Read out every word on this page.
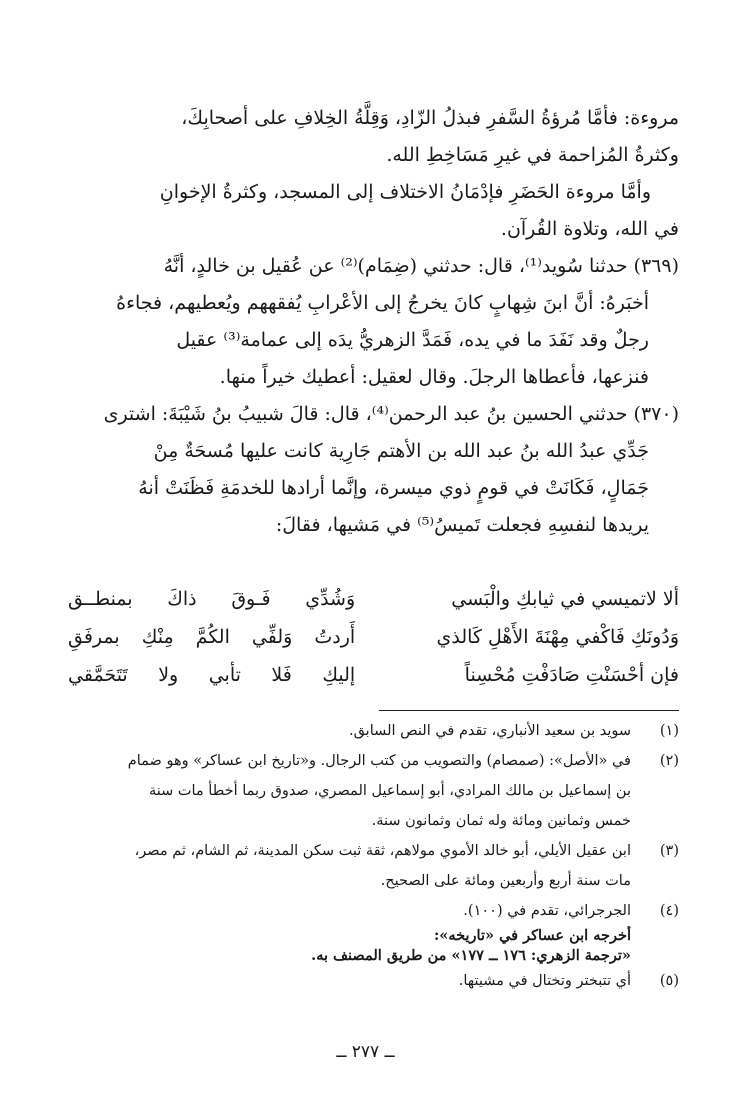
مروءة: فأمَّا مُرؤةُ السَّفرِ فبذلُ الزّادِ، وَقِلَّةُ الخِلافِ على أصحابِكَ،
وكثرةُ المُزاحمة في غيرِ مَسَاخِطِ الله.

وأمَّا مروءة الحَضَرِ فإدْمَانُ الاختلاف إلى المسجد، وكثرةُ الإخوانِ

في الله، وتلاوة القُرآن.

(٣٦٩) حدثنا سُويد⁽¹⁾، قال: حدثني (ضِمَام)⁽²⁾ عن عُقيل بن خالدٍ، أنَّهُ
أخبَرهُ: أنَّ ابنَ شِهابٍ كانَ يخرجُ إلى الأعْرابِ يُفقههم ويُعطيهم، فجاءهُ
رجلٌ وقد نَفَدَ ما في يده، فَمَدَّ الزهريُّ يدَه إلى عمامة⁽³⁾ عقيل
فنزعها، فأعطاها الرجلَ. وقال لعقيل: أعطيك خيراً منها.
(٣٧٠) حدثني الحسين بنُ عبد الرحمن⁽⁴⁾، قال: قالَ شبيبُ بنُ شَيْبَةَ: اشترى
جَدِّي عبدُ الله بنُ عبد الله بن الأهتم جَارِية كانت عليها مُسحَةٌ مِنْ
جَمَالٍ، فَكَانَتْ في قومٍ ذوي ميسرة، وإنَّما أرادها للخدمَةِ فَظَنَتْ أنهُ
يريدها لنفسِهِ فجعلت تَميسُ⁽⁵⁾ في مَشيها، فقالَ:
ألا لاتميسي في ثيابكِ والْبَسي
وَشُدِّي فَـوقَ ذاكَ بمنطــق
وَدُونَكِ فَاكْفي مِهْنَةَ الأَهْلِ كَالذي
أَردتُ وَلفِّي الكُمَّ مِنْكِ بمرفَقِ
فإن أحْسَنْتِ صَادَفْتِ مُحْسِناً
إليكِ فَلا تأبي ولا تَتَحَمَّقي
(١)
سويد بن سعيد الأنباري، تقدم في النص السابق.
(٢)
في «الأصل»: (صمصام) والتصويب من كتب الرجال. و«تاريخ ابن عساكر» وهو ضمام
بن إسماعيل بن مالك المرادي، أبو إسماعيل المصري، صدوق ربما أخطأ مات سنة
خمس وثمانين ومائة وله ثمان وثمانون سنة.
(٣)
ابن عقيل الأيلي، أبو خالد الأموي مولاهم، ثقة ثبت سكن المدينة، ثم الشام، ثم مصر،
مات سنة أربع وأربعين ومائة على الصحيح.
(٤)
الجرجرائي، تقدم في (١٠٠).
أخرجه ابن عساكر في «تاريخه»:
«ترجمة الزهري: ١٧٦ ــ ١٧٧» من طريق المصنف به.
(٥)
أي تتبختر وتختال في مشيتها.
ــ ٢٧٧ ــ
